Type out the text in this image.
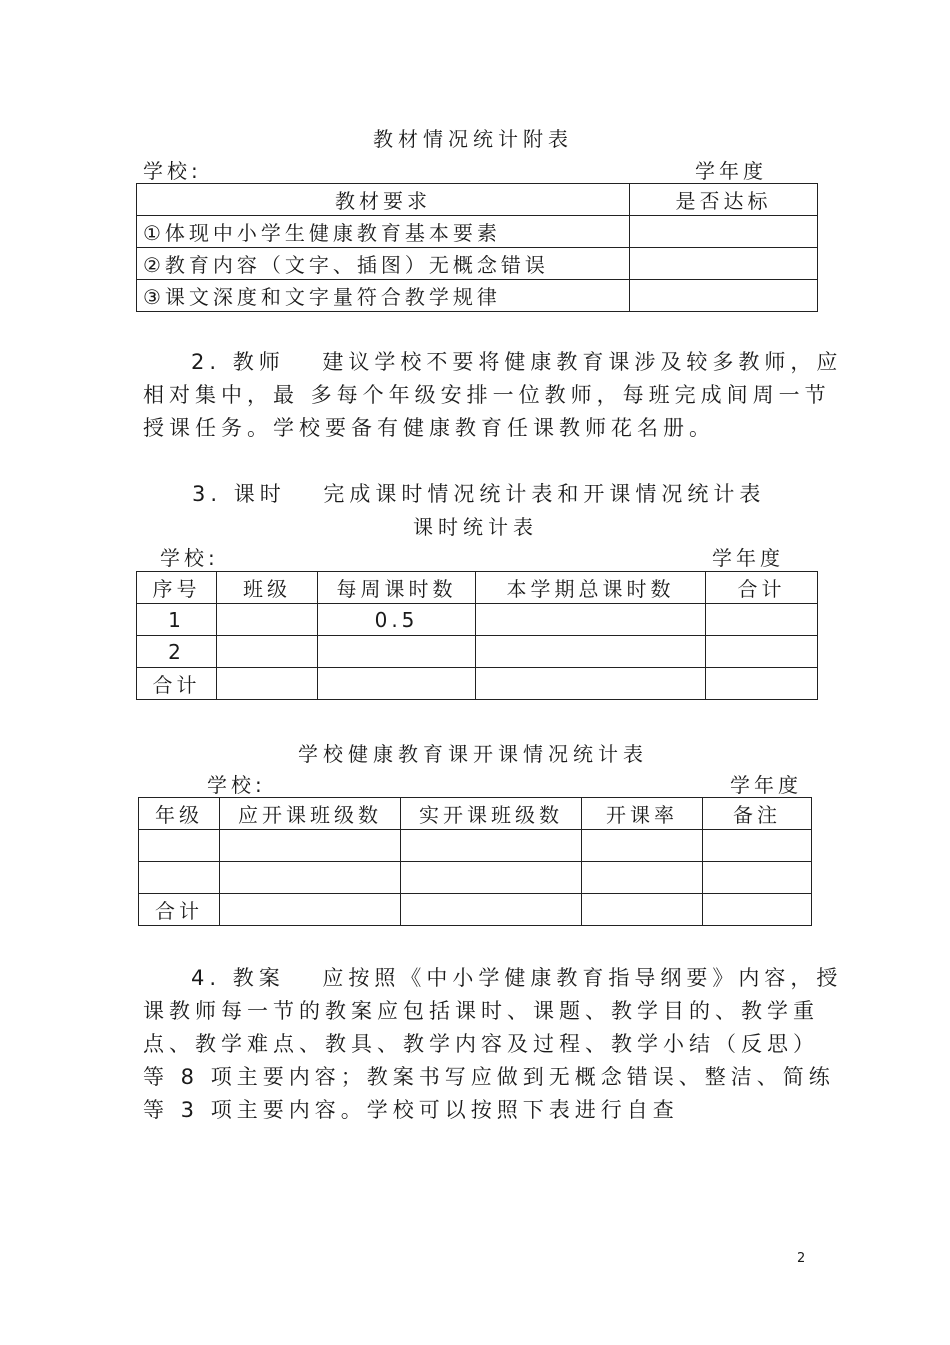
教材情况统计附表
学校:	学年度
教材要求	是否达标
①体现中小学生健康教育基本要素	
②教育内容（文字、插图）无概念错误	
③课文深度和文字量符合教学规律	
2. 教师　 建议学校不要将健康教育课涉及较多教师，应
相对集中，最 多每个年级安排一位教师，每班完成间周一节
授课任务。学校要备有健康教育任课教师花名册。
3. 课时　 完成课时情况统计表和开课情况统计表
课时统计表
学校:	学年度
序号	班级	每周课时数	本学期总课时数	合计
1		0.5		
2				
合计				
学校健康教育课开课情况统计表
学校:	学年度
年级	应开课班级数	实开课班级数	开课率	备注

合计				
4. 教案　 应按照《中小学健康教育指导纲要》内容，授
课教师每一节的教案应包括课时、课题、教学目的、教学重
点、教学难点、教具、教学内容及过程、教学小结（反思）
等 8 项主要内容；教案书写应做到无概念错误、整洁、简练
等 3 项主要内容。学校可以按照下表进行自查
2
